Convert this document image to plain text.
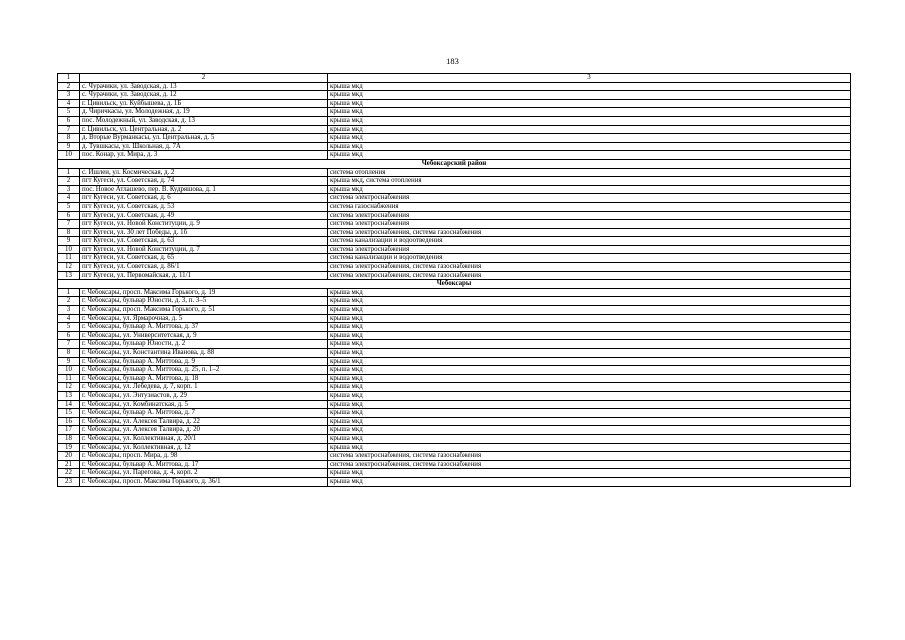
183
1	2	3
2	с. Чурачики, ул. Заводская, д. 13	крыша мкд
3	с. Чурачики, ул. Заводская, д. 12	крыша мкд
4	г. Цивильск, ул. Куйбышева, д. 1Б	крыша мкд
5	д. Чиричкасы, ул. Молодежная, д. 19	крыша мкд
6	пос. Молодежный, ул. Заводская, д. 13	крыша мкд
7	г. Цивильск, ул. Центральная, д. 2	крыша мкд
8	д. Вторые Вурманкасы, ул. Центральная, д. 5	крыша мкд
9	д. Тувшкасы, ул. Школьная, д. 7А	крыша мкд
10	пос. Конар, ул. Мира, д. 3	крыша мкд
Чебоксарский район		
1	с. Ишлеи, ул. Космическая, д. 2	система отопления
2	пгт Кугеси, ул. Советская, д. 74	крыша мкд, система отопления
3	пос. Новое Атлашево, пер. В. Кудряшова, д. 1	крыша мкд
4	пгт Кугеси, ул. Советская, д. 6	система электроснабжения
5	пгт Кугеси, ул. Советская, д. 53	система газоснабжения
6	пгт Кугеси, ул. Советская, д. 49	система электроснабжения
7	пгт Кугеси, ул. Новой Конституции, д. 9	система электроснабжения
8	пгт Кугеси, ул. 30 лет Победы, д. 1б	система электроснабжения, система газоснабжения
9	пгт Кугеси, ул. Советская, д. 63	система канализации и водоотведения
10	пгт Кугеси, ул. Новой Конституции, д. 7	система электроснабжения
11	пгт Кугеси, ул. Советская, д. 65	система канализации и водоотведения
12	пгт Кугеси, ул. Советская, д. 86/1	система электроснабжения, система газоснабжения
13	пгт Кугеси, ул. Первомайская, д. 11/1	система электроснабжения, система газоснабжения
Чебоксары		
1	г. Чебоксары, просп. Максима Горького, д. 19	крыша мкд
2	г. Чебоксары, бульвар Юности, д. 3, п. 3–5	крыша мкд
3	г. Чебоксары, просп. Максима Горького, д. 51	крыша мкд
4	г. Чебоксары, ул. Ярмарочная, д. 5	крыша мкд
5	г. Чебоксары, бульвар А. Миттова, д. 37	крыша мкд
6	г. Чебоксары, ул. Университетская, д. 9	крыша мкд
7	г. Чебоксары, бульвар Юности, д. 2	крыша мкд
8	г. Чебоксары, ул. Константина Иванова, д. 88	крыша мкд
9	г. Чебоксары, бульвар А. Миттова, д. 9	крыша мкд
10	г. Чебоксары, бульвар А. Миттова, д. 25, п. 1–2	крыша мкд
11	г. Чебоксары, бульвар А. Миттова, д. 18	крыша мкд
12	г. Чебоксары, ул. Лебедева, д. 7, корп. 1	крыша мкд
13	г. Чебоксары, ул. Энтузиастов, д. 29	крыша мкд
14	г. Чебоксары, ул. Комбинатская, д. 5	крыша мкд
15	г. Чебоксары, бульвар А. Миттова, д. 7	крыша мкд
16	г. Чебоксары, ул. Алексея Талвира, д. 22	крыша мкд
17	г. Чебоксары, ул. Алексея Талвира, д. 20	крыша мкд
18	г. Чебоксары, ул. Коллективная, д. 20/1	крыша мкд
19	г. Чебоксары, ул. Коллективная, д. 12	крыша мкд
20	г. Чебоксары, просп. Мира, д. 98	система электроснабжения, система газоснабжения
21	г. Чебоксары, бульвар А. Миттова, д. 17	система электроснабжения, система газоснабжения
22	г. Чебоксары, ул. Парегова, д. 4, корп. 2	крыша мкд
23	г. Чебоксары, просп. Максима Горького, д. 36/1	крыша мкд
